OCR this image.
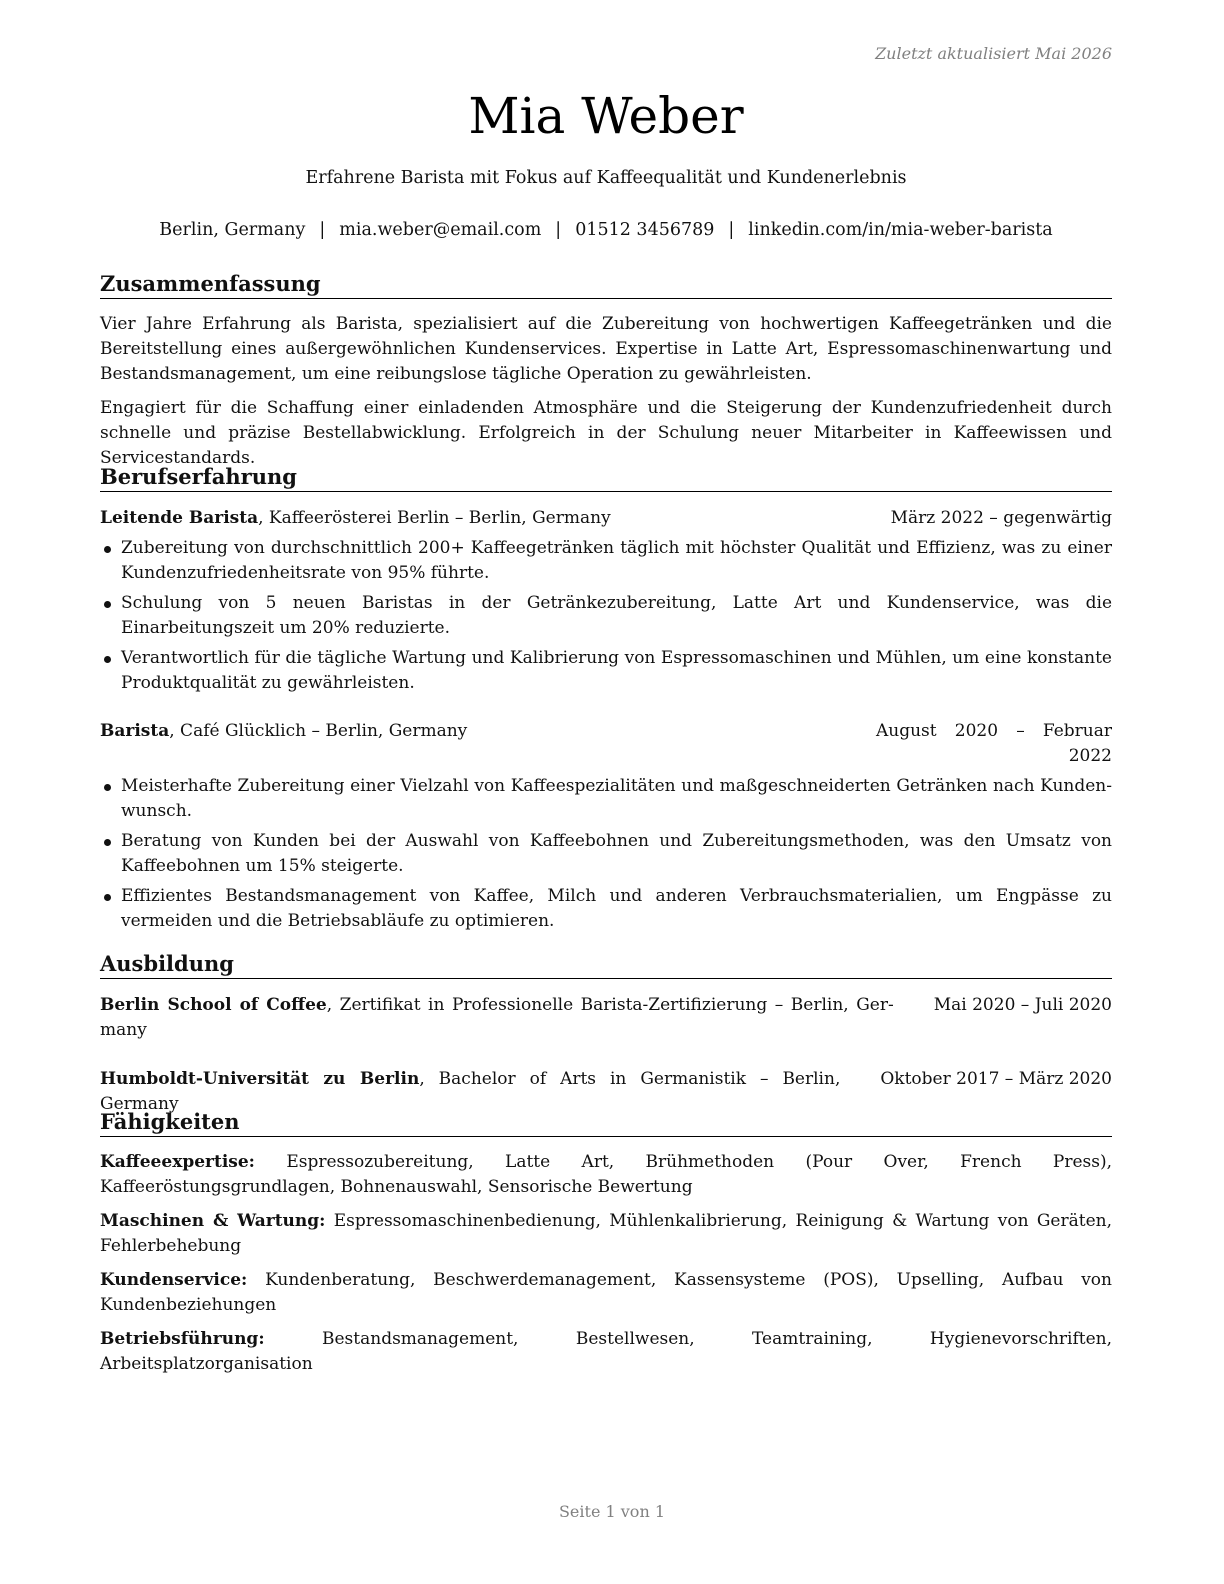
Zuletzt aktualisiert Mai 2026
Mia Weber
Erfahrene Barista mit Fokus auf Kaffeequalität und Kundenerlebnis
Berlin, Germany | mia.weber@email.com | 01512 3456789 | linkedin.com/in/mia-weber-barista
Zusammenfassung

Vier Jahre Erfahrung als Barista, spezialisiert auf die Zubereitung von hochwertigen Kaffeegetränken und die Bereitstellung eines außergewöhnlichen Kundenservices. Expertise in Latte Art, Espressomaschinenwartung und Bestandsmanagement, um eine reibungslose tägliche Operation zu gewährleisten.

Engagiert für die Schaffung einer einladenden Atmosphäre und die Steigerung der Kundenzufriedenheit durch schnelle und präzise Bestellabwicklung. Erfolgreich in der Schulung neuer Mitarbeiter in Kaffeewissen und Servicestandards.

Berufserfahrung
Leitende Barista, Kaffeerösterei Berlin – Berlin, Germany	März 2022 – gegenwärtig
Zubereitung von durchschnittlich 200+ Kaffeegetränken täglich mit höchster Qualität und Effizienz, was zu einer Kundenzufriedenheitsrate von 95% führte.
Schulung von 5 neuen Baristas in der Getränkezubereitung, Latte Art und Kundenservice, was die Einarbeitungszeit um 20% reduzierte.
Verantwortlich für die tägliche Wartung und Kalibrierung von Espressomaschinen und Mühlen, um eine konstante Produktqualität zu gewährleisten.
Barista, Café Glücklich – Berlin, Germany	August 2020 – Februar 2022
Meisterhafte Zubereitung einer Vielzahl von Kaffeespezialitäten und maßgeschneiderten Getränken nach Kundenwunsch.
Beratung von Kunden bei der Auswahl von Kaffeebohnen und Zubereitungsmethoden, was den Umsatz von Kaffeebohnen um 15% steigerte.
Effizientes Bestandsmanagement von Kaffee, Milch und anderen Verbrauchsmaterialien, um Engpässe zu vermeiden und die Betriebsabläufe zu optimieren.
Ausbildung
Berlin School of Coffee, Zertifikat in Professionelle Barista-Zertifizierung – Berlin, Germany
Mai 2020 – Juli 2020
Humboldt-Universität zu Berlin, Bachelor of Arts in Germanistik – Berlin, Germany
Oktober 2017 – März 2020
Fähigkeiten
Kaffeeexpertise: Espressozubereitung, Latte Art, Brühmethoden (Pour Over, French Press), Kaffeeröstungsgrundlagen, Bohnenauswahl, Sensorische Bewertung
Maschinen & Wartung: Espressomaschinenbedienung, Mühlenkalibrierung, Reinigung & Wartung von Geräten, Fehlerbehebung
Kundenservice: Kundenberatung, Beschwerdemanagement, Kassensysteme (POS), Upselling, Aufbau von Kundenbeziehungen
Betriebsführung: Bestandsmanagement, Bestellwesen, Teamtraining, Hygienevorschriften, Arbeitsplatzorganisation
Seite 1 von 1
